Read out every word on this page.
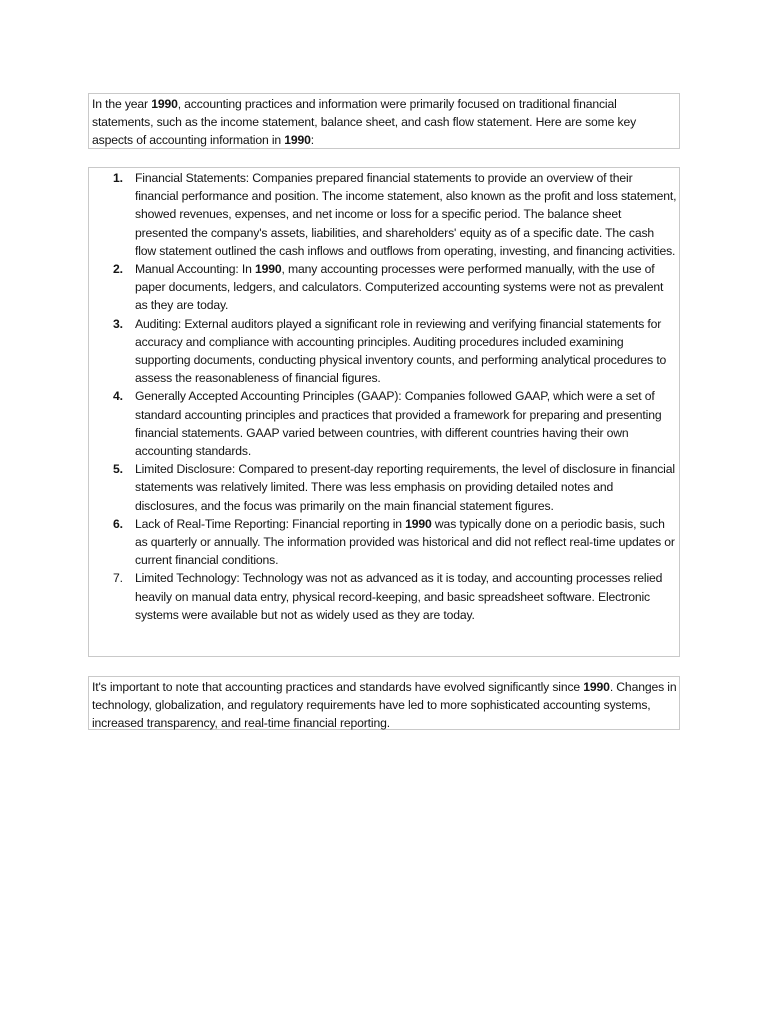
In the year 1990, accounting practices and information were primarily focused on traditional financial statements, such as the income statement, balance sheet, and cash flow statement. Here are some key aspects of accounting information in 1990:

1. Financial Statements: Companies prepared financial statements to provide an overview of their financial performance and position. The income statement, also known as the profit and loss statement, showed revenues, expenses, and net income or loss for a specific period. The balance sheet presented the company's assets, liabilities, and shareholders' equity as of a specific date. The cash flow statement outlined the cash inflows and outflows from operating, investing, and financing activities.
2. Manual Accounting: In 1990, many accounting processes were performed manually, with the use of paper documents, ledgers, and calculators. Computerized accounting systems were not as prevalent as they are today.
3. Auditing: External auditors played a significant role in reviewing and verifying financial statements for accuracy and compliance with accounting principles. Auditing procedures included examining supporting documents, conducting physical inventory counts, and performing analytical procedures to assess the reasonableness of financial figures.
4. Generally Accepted Accounting Principles (GAAP): Companies followed GAAP, which were a set of standard accounting principles and practices that provided a framework for preparing and presenting financial statements. GAAP varied between countries, with different countries having their own accounting standards.
5. Limited Disclosure: Compared to present-day reporting requirements, the level of disclosure in financial statements was relatively limited. There was less emphasis on providing detailed notes and disclosures, and the focus was primarily on the main financial statement figures.
6. Lack of Real-Time Reporting: Financial reporting in 1990 was typically done on a periodic basis, such as quarterly or annually. The information provided was historical and did not reflect real-time updates or current financial conditions.
7. Limited Technology: Technology was not as advanced as it is today, and accounting processes relied heavily on manual data entry, physical record-keeping, and basic spreadsheet software. Electronic systems were available but not as widely used as they are today.

It's important to note that accounting practices and standards have evolved significantly since 1990. Changes in technology, globalization, and regulatory requirements have led to more sophisticated accounting systems, increased transparency, and real-time financial reporting.
